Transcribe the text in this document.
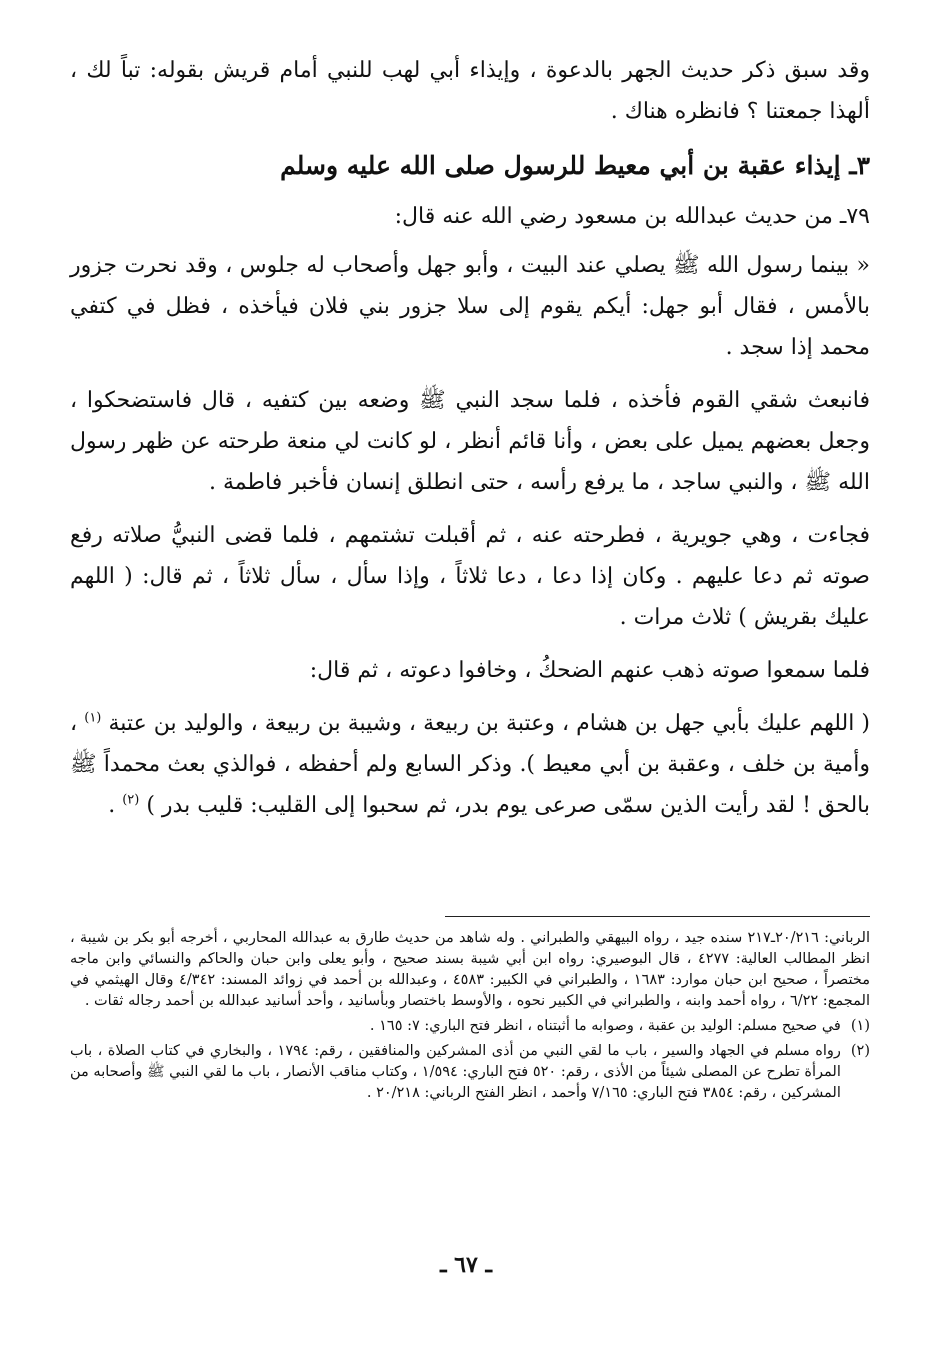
وقد سبق ذكر حديث الجهر بالدعوة ، وإيذاء أبي لهب للنبي أمام قريش بقوله: تباً لك ، ألهذا جمعتنا ؟ فانظره هناك .

٣ـ إيذاء عقبة بن أبي معيط للرسول صلى الله عليه وسلم

٧٩ـ من حديث عبدالله بن مسعود رضي الله عنه قال:

« بينما رسول الله ﷺ يصلي عند البيت ، وأبو جهل وأصحاب له جلوس ، وقد نحرت جزور بالأمس ، فقال أبو جهل: أيكم يقوم إلى سلا جزور بني فلان فيأخذه ، فظل في كتفي محمد إذا سجد .

فانبعث شقي القوم فأخذه ، فلما سجد النبي ﷺ وضعه بين كتفيه ، قال فاستضحكوا ، وجعل بعضهم يميل على بعض ، وأنا قائم أنظر ، لو كانت لي منعة طرحته عن ظهر رسول الله ﷺ ، والنبي ساجد ، ما يرفع رأسه ، حتى انطلق إنسان فأخبر فاطمة .

فجاءت ، وهي جويرية ، فطرحته عنه ، ثم أقبلت تشتمهم ، فلما قضى النبيُّ صلاته رفع صوته ثم دعا عليهم . وكان إذا دعا ، دعا ثلاثاً ، وإذا سأل ، سأل ثلاثاً ، ثم قال: ( اللهم عليك بقريش ) ثلاث مرات .

فلما سمعوا صوته ذهب عنهم الضحكُ ، وخافوا دعوته ، ثم قال:

( اللهم عليك بأبي جهل بن هشام ، وعتبة بن ربيعة ، وشيبة بن ربيعة ، والوليد بن عتبة $^{(١)}$ ، وأمية بن خلف ، وعقبة بن أبي معيط ). وذكر السابع ولم أحفظه ، فوالذي بعث محمداً ﷺ بالحق ! لقد رأيت الذين سمّى صرعى يوم بدر، ثم سحبوا إلى القليب: قليب بدر ) $^{(٢)}$ .

الرباني: ٢٠/٢١٦ـ٢١٧ سنده جيد ، رواه البيهقي والطبراني . وله شاهد من حديث طارق به عبدالله المحاربي ، أخرجه أبو بكر بن شيبة ، انظر المطالب العالية: ٤٢٧٧ ، قال البوصيري: رواه ابن أبي شيبة بسند صحيح ، وأبو يعلى وابن حبان والحاكم والنسائي وابن ماجه مختصراً ، صحيح ابن حبان موارد: ١٦٨٣ ، والطبراني في الكبير: ٤٥٨٣ ، وعبدالله بن أحمد في زوائد المسند: ٤/٣٤٢ وقال الهيثمي في المجمع: ٦/٢٢ ، رواه أحمد وابنه ، والطبراني في الكبير نحوه ، والأوسط باختصار وبأسانيد ، وأحد أسانيد عبدالله بن أحمد رجاله ثقات .

(١)

في صحيح مسلم: الوليد بن عقبة ، وصوابه ما أثبتناه ، انظر فتح الباري: ٧: ١٦٥ .

(٢)

رواه مسلم في الجهاد والسير ، باب ما لقي النبي من أذى المشركين والمنافقين ، رقم: ١٧٩٤ ، والبخاري في كتاب الصلاة ، باب المرأة تطرح عن المصلى شيئاً من الأذى ، رقم: ٥٢٠ فتح الباري: ١/٥٩٤ ، وكتاب مناقب الأنصار ، باب ما لقي النبي ﷺ وأصحابه من المشركين ، رقم: ٣٨٥٤ فتح الباري: ٧/١٦٥ وأحمد ، انظر الفتح الرباني: ٢٠/٢١٨ .

ـ ٦٧ ـ
